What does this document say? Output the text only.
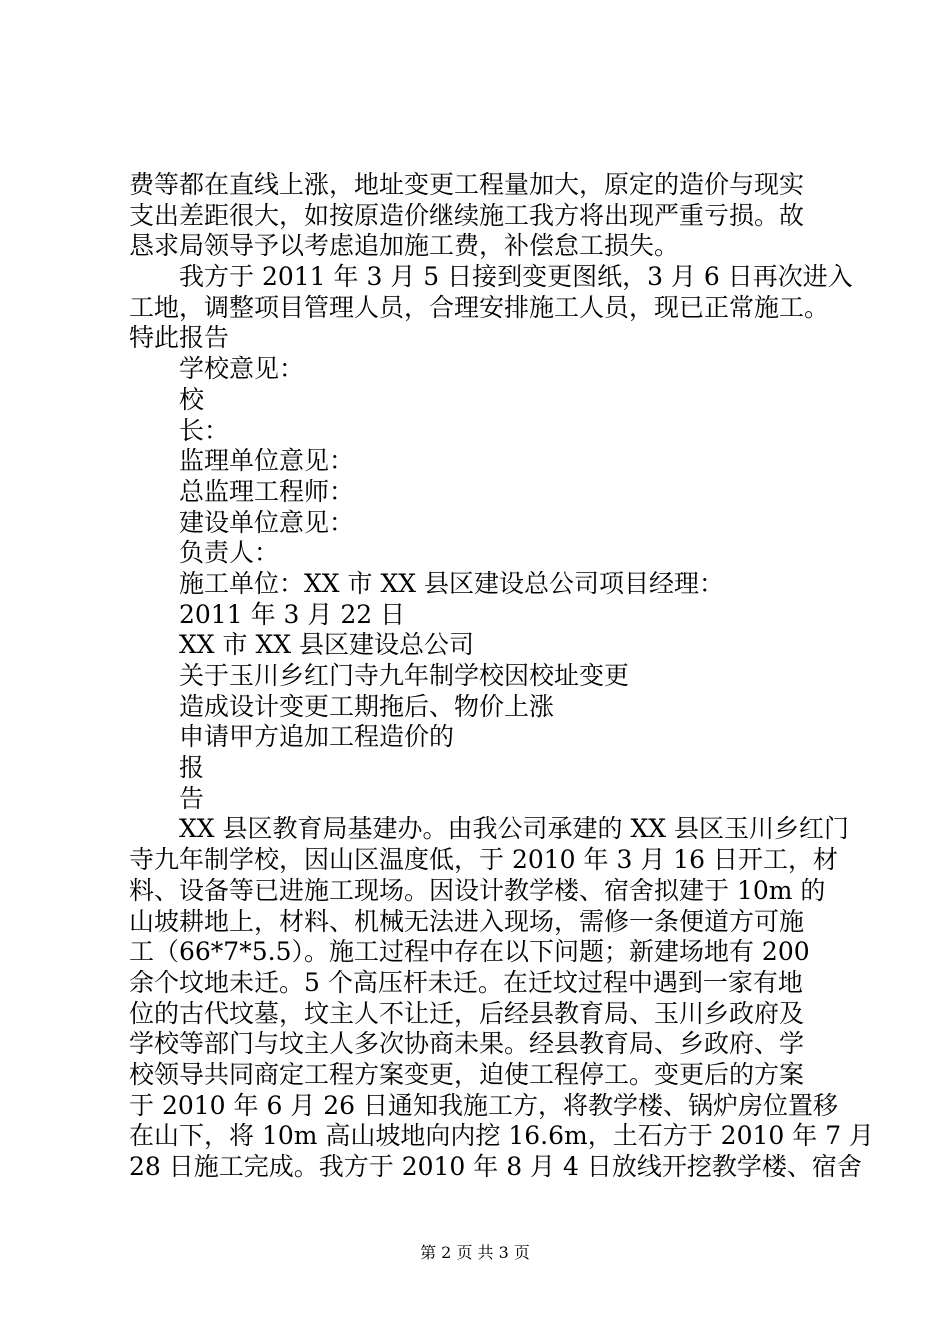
费等都在直线上涨，地址变更工程量加大，原定的造价与现实
支出差距很大，如按原造价继续施工我方将出现严重亏损。故
恳求局领导予以考虑追加施工费，补偿怠工损失。
我方于 2011 年 3 月 5 日接到变更图纸，3 月 6 日再次进入
工地，调整项目管理人员，合理安排施工人员，现已正常施工。
特此报告
学校意见：
校
长：
监理单位意见：
总监理工程师：
建设单位意见：
负责人：
施工单位：XX 市 XX 县区建设总公司项目经理：
2011 年 3 月 22 日
XX 市 XX 县区建设总公司
关于玉川乡红门寺九年制学校因校址变更
造成设计变更工期拖后、物价上涨
申请甲方追加工程造价的
报
告
XX 县区教育局基建办。由我公司承建的 XX 县区玉川乡红门
寺九年制学校，因山区温度低，于 2010 年 3 月 16 日开工，材
料、设备等已进施工现场。因设计教学楼、宿舍拟建于 10m 的
山坡耕地上，材料、机械无法进入现场，需修一条便道方可施
工（66*7*5.5）。施工过程中存在以下问题；新建场地有 200
余个坟地未迁。5 个高压杆未迁。在迁坟过程中遇到一家有地
位的古代坟墓，坟主人不让迁，后经县教育局、玉川乡政府及
学校等部门与坟主人多次协商未果。经县教育局、乡政府、学
校领导共同商定工程方案变更，迫使工程停工。变更后的方案
于 2010 年 6 月 26 日通知我施工方，将教学楼、锅炉房位置移
在山下，将 10m 高山坡地向内挖 16.6m，土石方于 2010 年 7 月
28 日施工完成。我方于 2010 年 8 月 4 日放线开挖教学楼、宿舍
第 2 页 共 3 页
